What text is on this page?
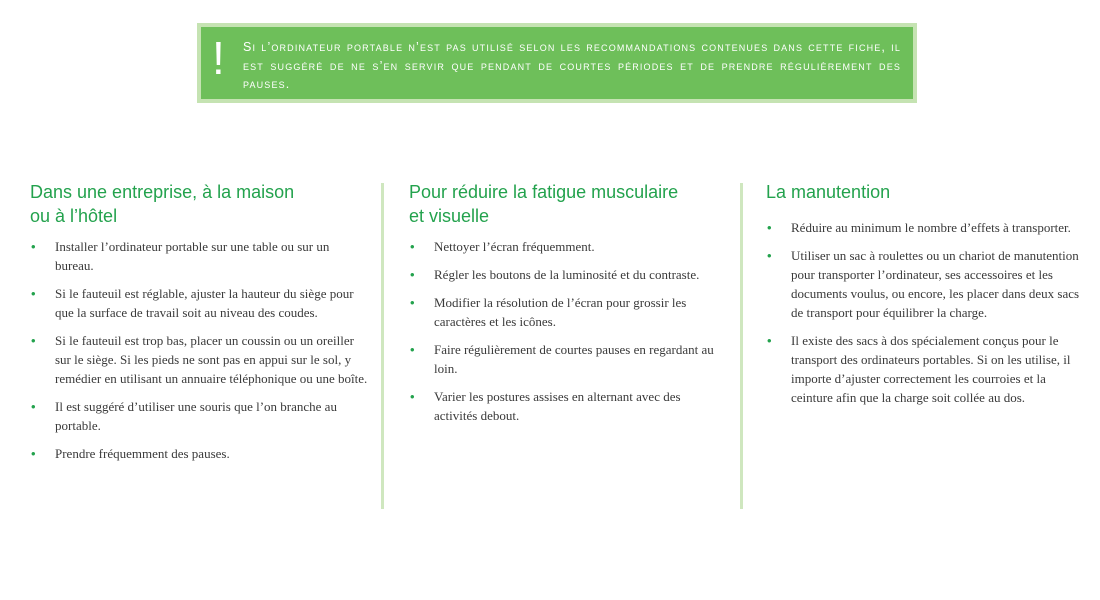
! Si l’ordinateur portable n’est pas utilisé selon les recommandations contenues dans cette fiche, il est suggéré de ne s’en servir que pendant de courtes périodes et de prendre régulièrement des pauses.
Dans une entreprise, à la maison
ou à l’hôtel
• Installer l’ordinateur portable sur une table ou sur un bureau.
• Si le fauteuil est réglable, ajuster la hauteur du siège pour que la surface de travail soit au niveau des coudes.
• Si le fauteuil est trop bas, placer un coussin ou un oreiller sur le siège. Si les pieds ne sont pas en appui sur le sol, y remédier en utilisant un annuaire téléphonique ou une boîte.
• Il est suggéré d’utiliser une souris que l’on branche au portable.
• Prendre fréquemment des pauses.
Pour réduire la fatigue musculaire
et visuelle
• Nettoyer l’écran fréquemment.
• Régler les boutons de la luminosité et du contraste.
• Modifier la résolution de l’écran pour grossir les caractères et les icônes.
• Faire régulièrement de courtes pauses en regardant au loin.
• Varier les postures assises en alternant avec des activités debout.
La manutention
• Réduire au minimum le nombre d’effets à transporter.
• Utiliser un sac à roulettes ou un chariot de manutention pour transporter l’ordinateur, ses accessoires et les documents voulus, ou encore, les placer dans deux sacs de transport pour équilibrer la charge.
• Il existe des sacs à dos spécialement conçus pour le transport des ordinateurs portables. Si on les utilise, il importe d’ajuster correctement les courroies et la ceinture afin que la charge soit collée au dos.
